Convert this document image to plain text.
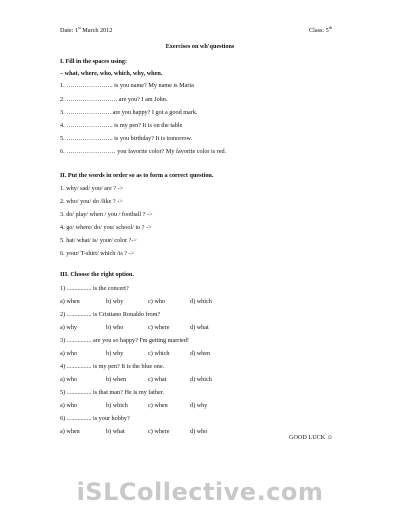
Date: 1st March 2012	Class: 5th
Exercises on wh'questions
I. Fill in the spaces using:
– what, where, who, which, why, when.
1. ………………….. is you name? My name is Maria
2. ……………………. are you? I am John.
3. …………………. are you happy? I got a good mark.
4. ………………….. is my pen? It is on the table
5. ………………….. is you birthday? It is tomorrow.
6. …………………… you favorite color? My favorite color is red.
II. Put the words in order so as to form a correct question.
1. why/ sad/ you/ are ? ->
2. who/ you/ do /like ? ->
3. do/ play/ when / you / football ? ->
4. go/ where/ do/ you/ school/ to ? ->
5. hat/ what/ is/ your/ color ?->
6. your/ T-shirt/ which /is ? ->
III. Choose the right option.
1) ................ is the concert?
a) when	b) why	c) who	d) which
2) ................ is Cristiano Ronaldo from?
a) why	b) who	c) where	d) what
3) ................ are you so happy? I'm getting married!
a) who	b) why	c) which	d) when
4) ................ is my pen? It is the blue one.
a) who	b) when	c) what	d) which
5) ................ is that man? He is my father.
a) who	b) which	c) when	d) why
6) ................ is your hobby?
a) when	b) what	c) where	d) who
GOOD LUCK ☺
iSLCollective.com
